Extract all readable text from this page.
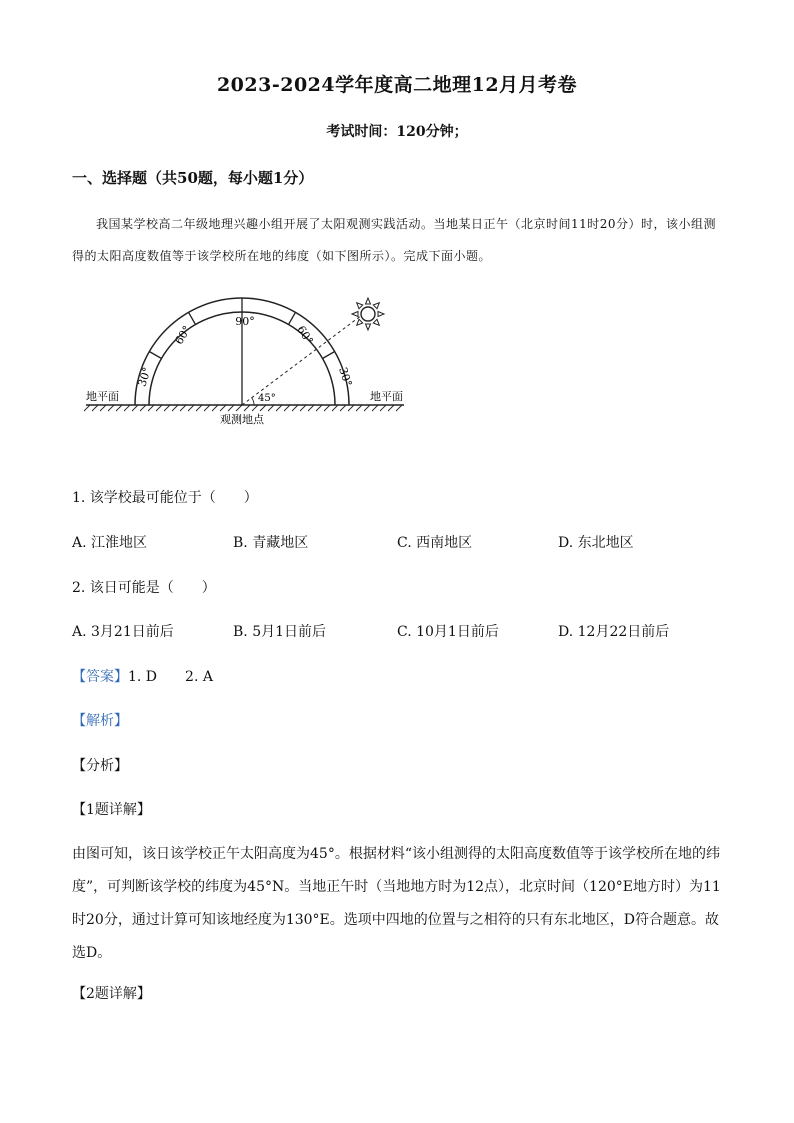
2023-2024学年度高二地理12月月考卷
考试时间：120分钟；
一、选择题（共50题，每小题1分）
我国某学校高二年级地理兴趣小组开展了太阳观测实践活动。当地某日正午（北京时间11时20分）时，该小组测得的太阳高度数值等于该学校所在地的纬度（如下图所示）。完成下面小题。
90°
60°	60°
30°	30°
45°
地平面	地平面
观测地点
1. 该学校最可能位于（　　）
A. 江淮地区	B. 青藏地区	C. 西南地区	D. 东北地区
2. 该日可能是（　　）
A. 3月21日前后	B. 5月1日前后	C. 10月1日前后	D. 12月22日前后
【答案】1. D　　2. A
【解析】
【分析】
【1题详解】
由图可知，该日该学校正午太阳高度为45°。根据材料“该小组测得的太阳高度数值等于该学校所在地的纬度”，可判断该学校的纬度为45°N。当地正午时（当地地方时为12点），北京时间（120°E地方时）为11时20分，通过计算可知该地经度为130°E。选项中四地的位置与之相符的只有东北地区，D符合题意。故选D。
【2题详解】
